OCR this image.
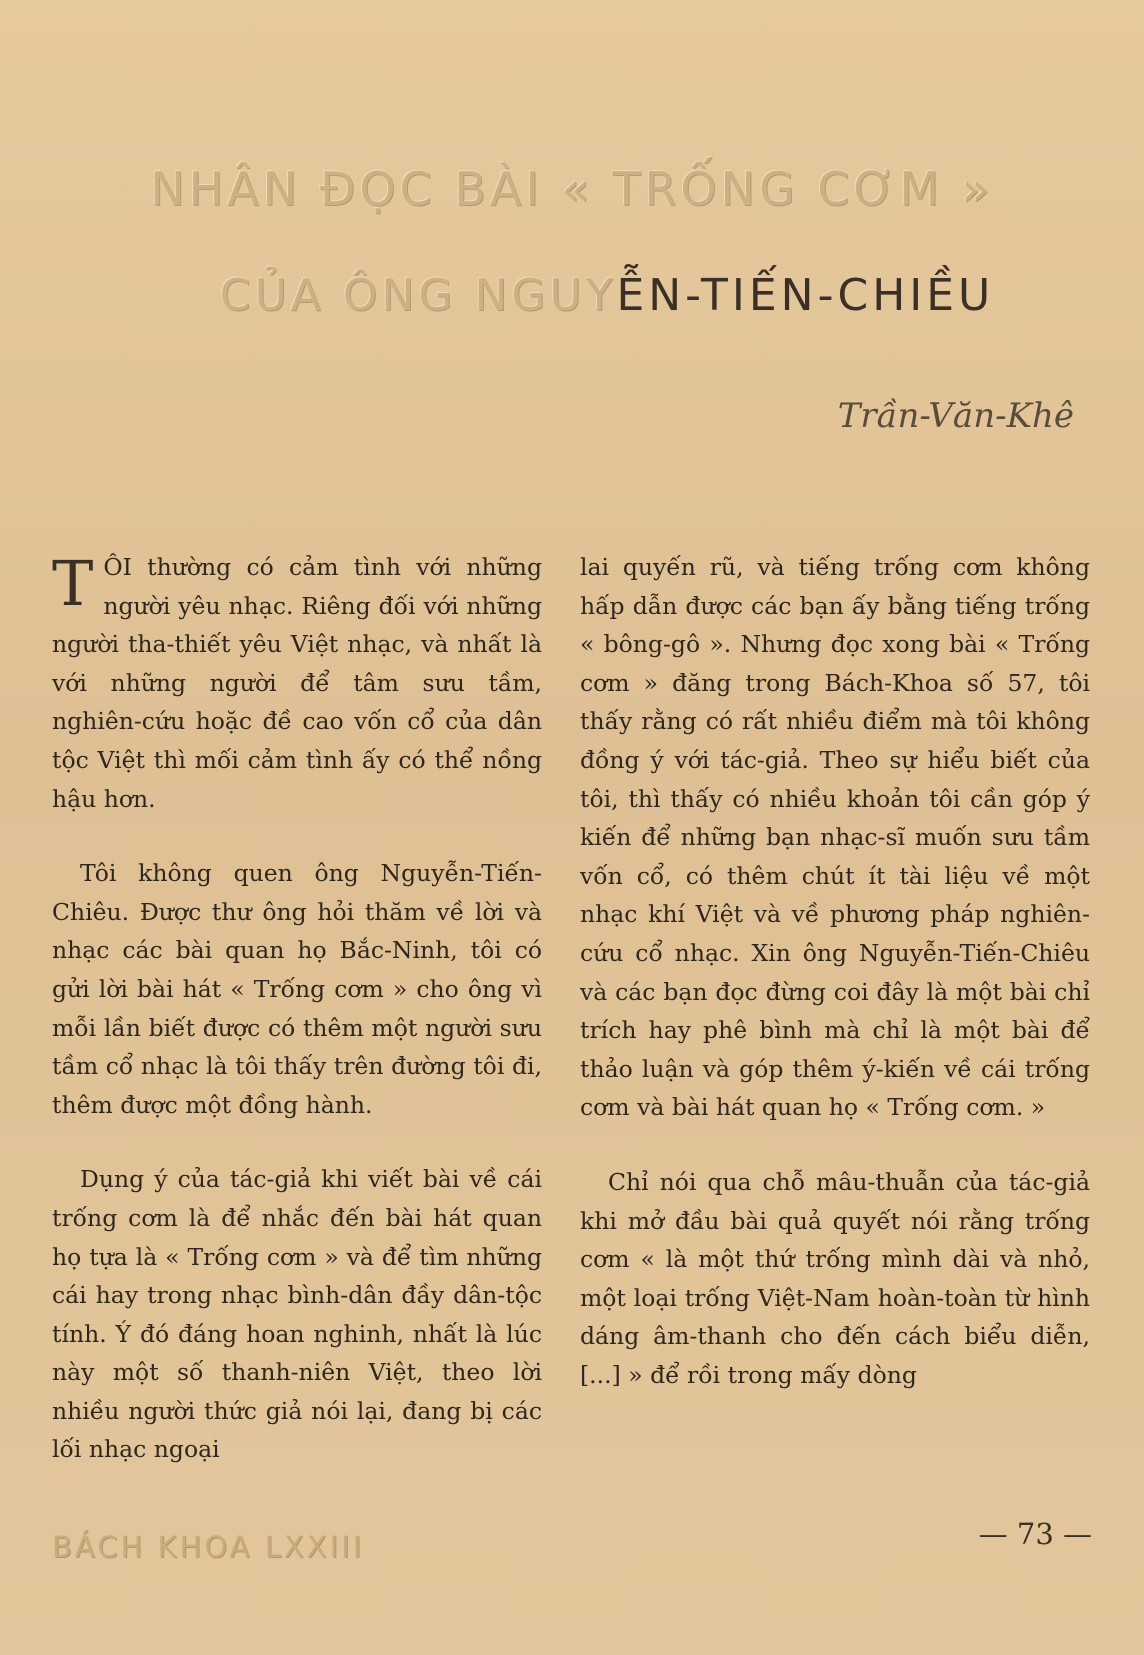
NHÂN ĐỌC BÀI « TRỐNG CƠM »
CỦA ÔNG NGUYỄN-TIẾN-CHIỀU
Trần-Văn-Khê

TÔI thường có cảm tình với những người yêu nhạc. Riêng đối với những người tha-thiết yêu Việt nhạc, và nhất là với những người để tâm sưu tầm, nghiên-cứu hoặc đề cao vốn cổ của dân tộc Việt thì mối cảm tình ấy có thể nồng hậu hơn.

Tôi không quen ông Nguyễn-Tiến-Chiêu. Được thư ông hỏi thăm về lời và nhạc các bài quan họ Bắc-Ninh, tôi có gửi lời bài hát « Trống cơm » cho ông vì mỗi lần biết được có thêm một người sưu tầm cổ nhạc là tôi thấy trên đường tôi đi, thêm được một đồng hành.

Dụng ý của tác-giả khi viết bài về cái trống cơm là để nhắc đến bài hát quan họ tựa là « Trống cơm » và để tìm những cái hay trong nhạc bình-dân đầy dân-tộc tính. Ý đó đáng hoan nghinh, nhất là lúc này một số thanh-niên Việt, theo lời nhiều người thức giả nói lại, đang bị các lối nhạc ngoại

lai quyến rũ, và tiếng trống cơm không hấp dẫn được các bạn ấy bằng tiếng trống « bông-gô ». Nhưng đọc xong bài « Trống cơm » đăng trong Bách-Khoa số 57, tôi thấy rằng có rất nhiều điểm mà tôi không đồng ý với tác-giả. Theo sự hiểu biết của tôi, thì thấy có nhiều khoản tôi cần góp ý kiến để những bạn nhạc-sĩ muốn sưu tầm vốn cổ, có thêm chút ít tài liệu về một nhạc khí Việt và về phương pháp nghiên-cứu cổ nhạc. Xin ông Nguyễn-Tiến-Chiêu và các bạn đọc đừng coi đây là một bài chỉ trích hay phê bình mà chỉ là một bài để thảo luận và góp thêm ý-kiến về cái trống cơm và bài hát quan họ « Trống cơm. »

Chỉ nói qua chỗ mâu-thuẫn của tác-giả khi mở đầu bài quả quyết nói rằng trống cơm « là một thứ trống mình dài và nhỏ, một loại trống Việt-Nam hoàn-toàn từ hình dáng âm-thanh cho đến cách biểu diễn, [...] » để rồi trong mấy dòng

BÁCH KHOA LXXIII	— 73 —
